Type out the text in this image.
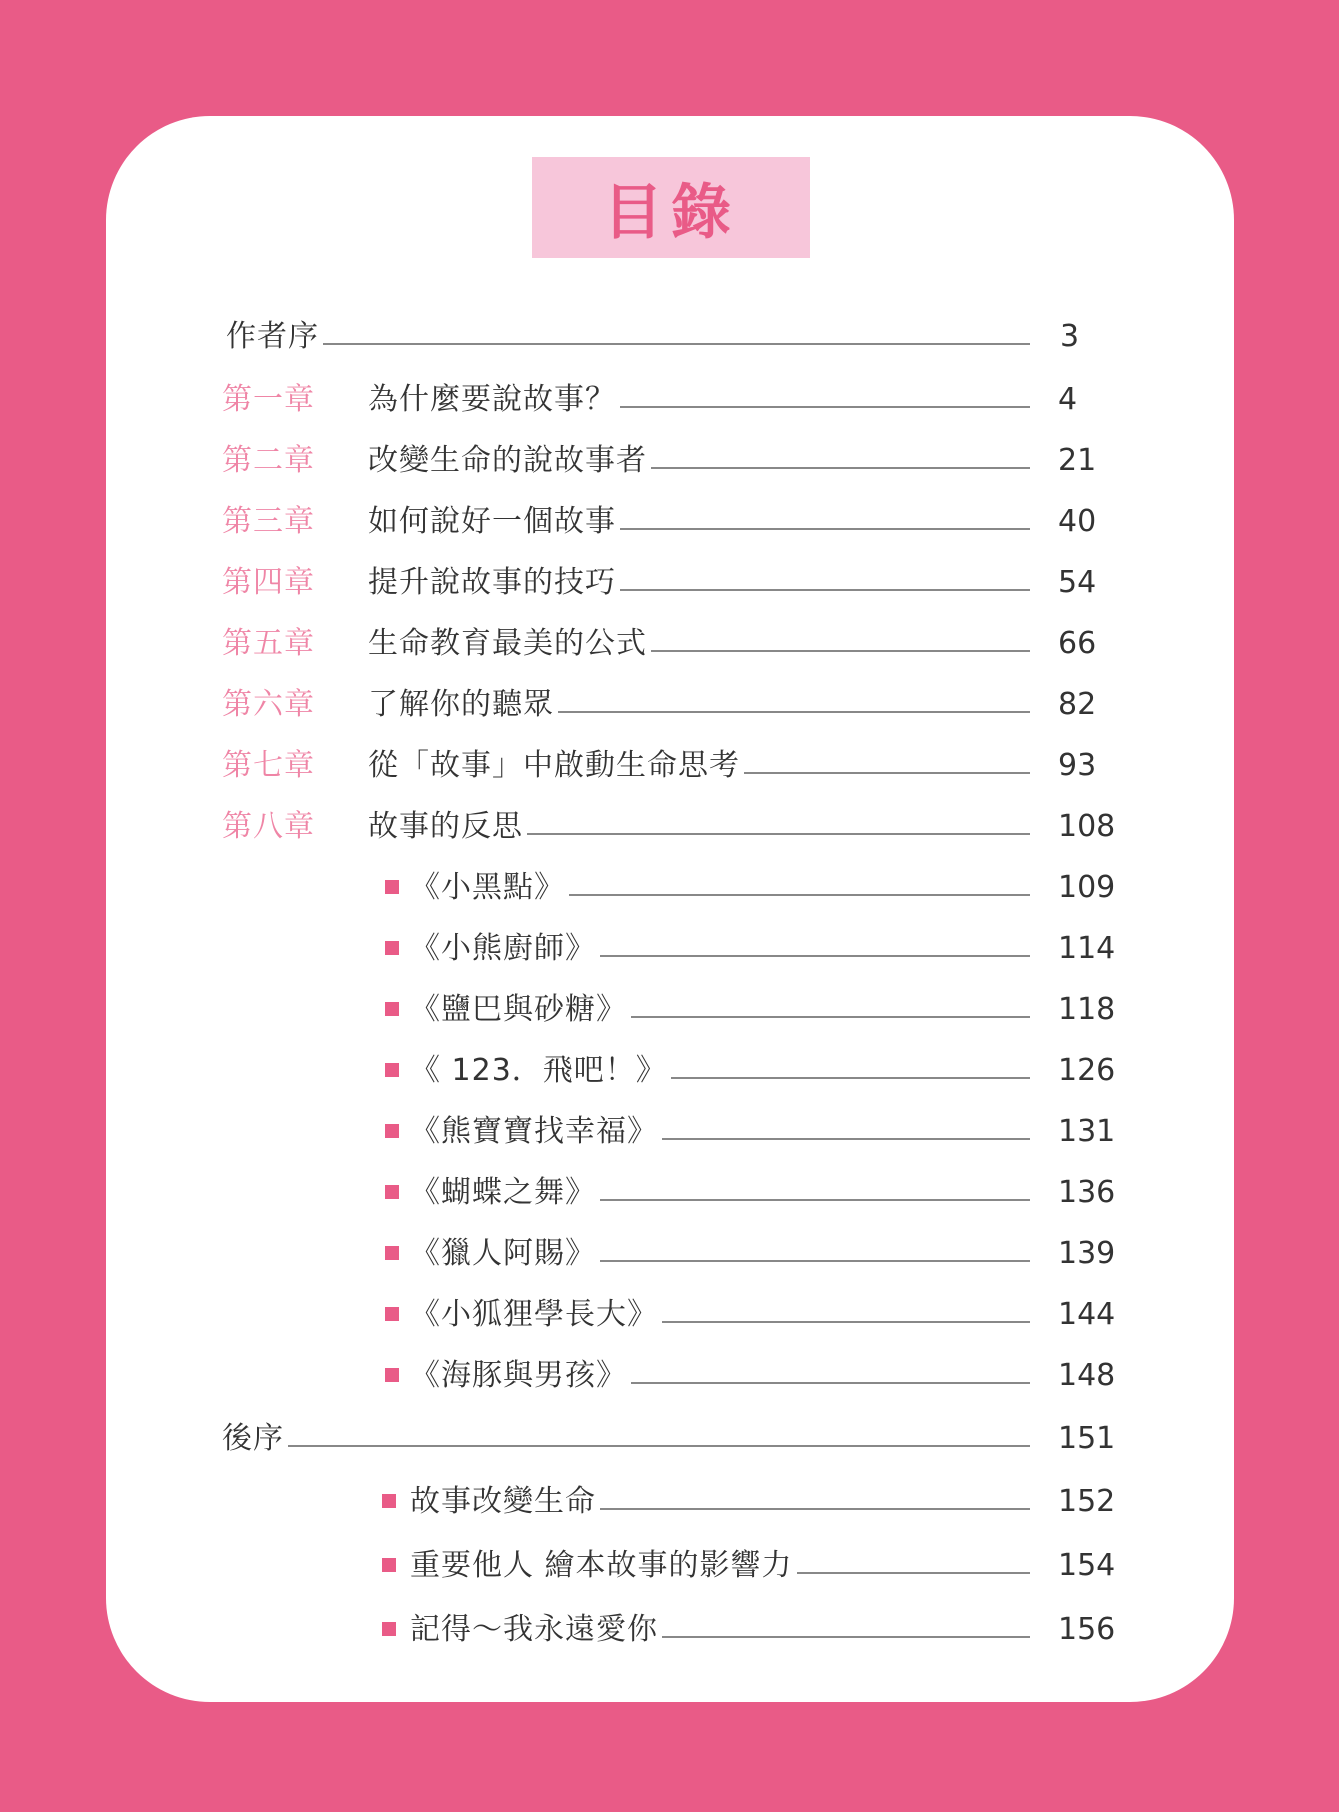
目錄
作者序	3
第一章 為什麼要說故事？	4
第二章 改變生命的說故事者	21
第三章 如何說好一個故事	40
第四章 提升說故事的技巧	54
第五章 生命教育最美的公式	66
第六章 了解你的聽眾	82
第七章 從「故事」中啟動生命思考	93
第八章 故事的反思	108
《小黑點》	109
《小熊廚師》	114
《鹽巴與砂糖》	118
《 123．飛吧！》	126
《熊寶寶找幸福》	131
《蝴蝶之舞》	136
《獵人阿賜》	139
《小狐狸學長大》	144
《海豚與男孩》	148
後序	151
故事改變生命	152
重要他人 繪本故事的影響力	154
記得～我永遠愛你	156
